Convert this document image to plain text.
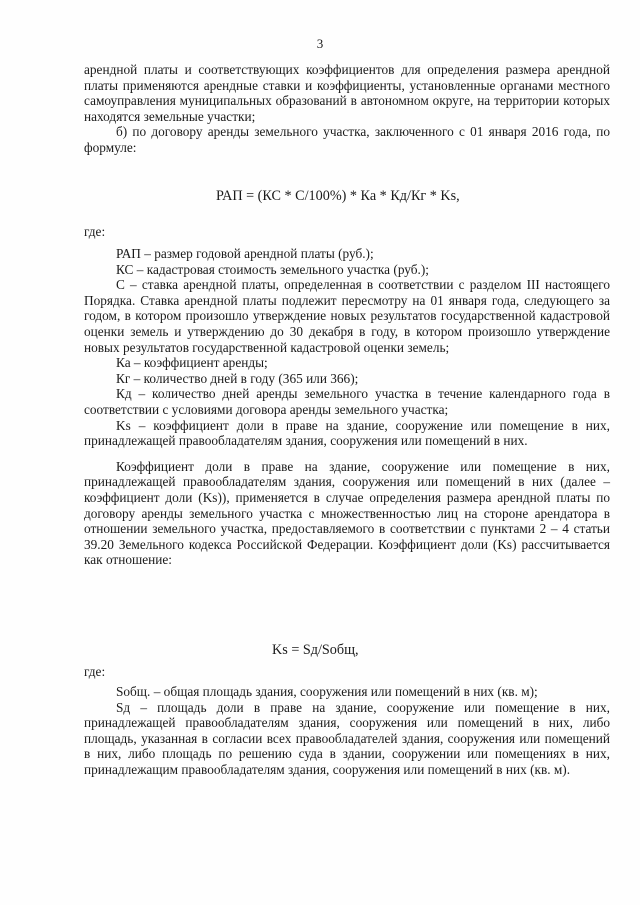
3

арендной платы и соответствующих коэффициентов для определения размера арендной платы применяются арендные ставки и коэффициенты, установленные органами местного самоуправления муниципальных образований в автономном округе, на территории которых находятся земельные участки;

б) по договору аренды земельного участка, заключенного с 01 января 2016 года, по формуле:

РАП = (КС * С/100%) * Ка * Кд/Кг * Ks,
где:

РАП – размер годовой арендной платы (руб.);

КС – кадастровая стоимость земельного участка (руб.);

С – ставка арендной платы, определенная в соответствии с разделом III настоящего Порядка. Ставка арендной платы подлежит пересмотру на 01 января года, следующего за годом, в котором произошло утверждение новых результатов государственной кадастровой оценки земель и утверждению до 30 декабря в году, в котором произошло утверждение новых результатов государственной кадастровой оценки земель;

Ка – коэффициент аренды;

Кг – количество дней в году (365 или 366);

Кд – количество дней аренды земельного участка в течение календарного года в соответствии с условиями договора аренды земельного участка;

Ks – коэффициент доли в праве на здание, сооружение или помещение в них, принадлежащей правообладателям здания, сооружения или помещений в них.

Коэффициент доли в праве на здание, сооружение или помещение в них, принадлежащей правообладателям здания, сооружения или помещений в них (далее – коэффициент доли (Ks)), применяется в случае определения размера арендной платы по договору аренды земельного участка с множественностью лиц на стороне арендатора в отношении земельного участка, предоставляемого в соответствии с пунктами 2 – 4 статьи 39.20 Земельного кодекса Российской Федерации. Коэффициент доли (Ks) рассчитывается как отношение:

Ks = Sд/Sобщ,
где:

Sобщ. – общая площадь здания, сооружения или помещений в них (кв. м);

Sд – площадь доли в праве на здание, сооружение или помещение в них, принадлежащей правообладателям здания, сооружения или помещений в них, либо площадь, указанная в согласии всех правообладателей здания, сооружения или помещений в них, либо площадь по решению суда в здании, сооружении или помещениях в них, принадлежащим правообладателям здания, сооружения или помещений в них (кв. м).
